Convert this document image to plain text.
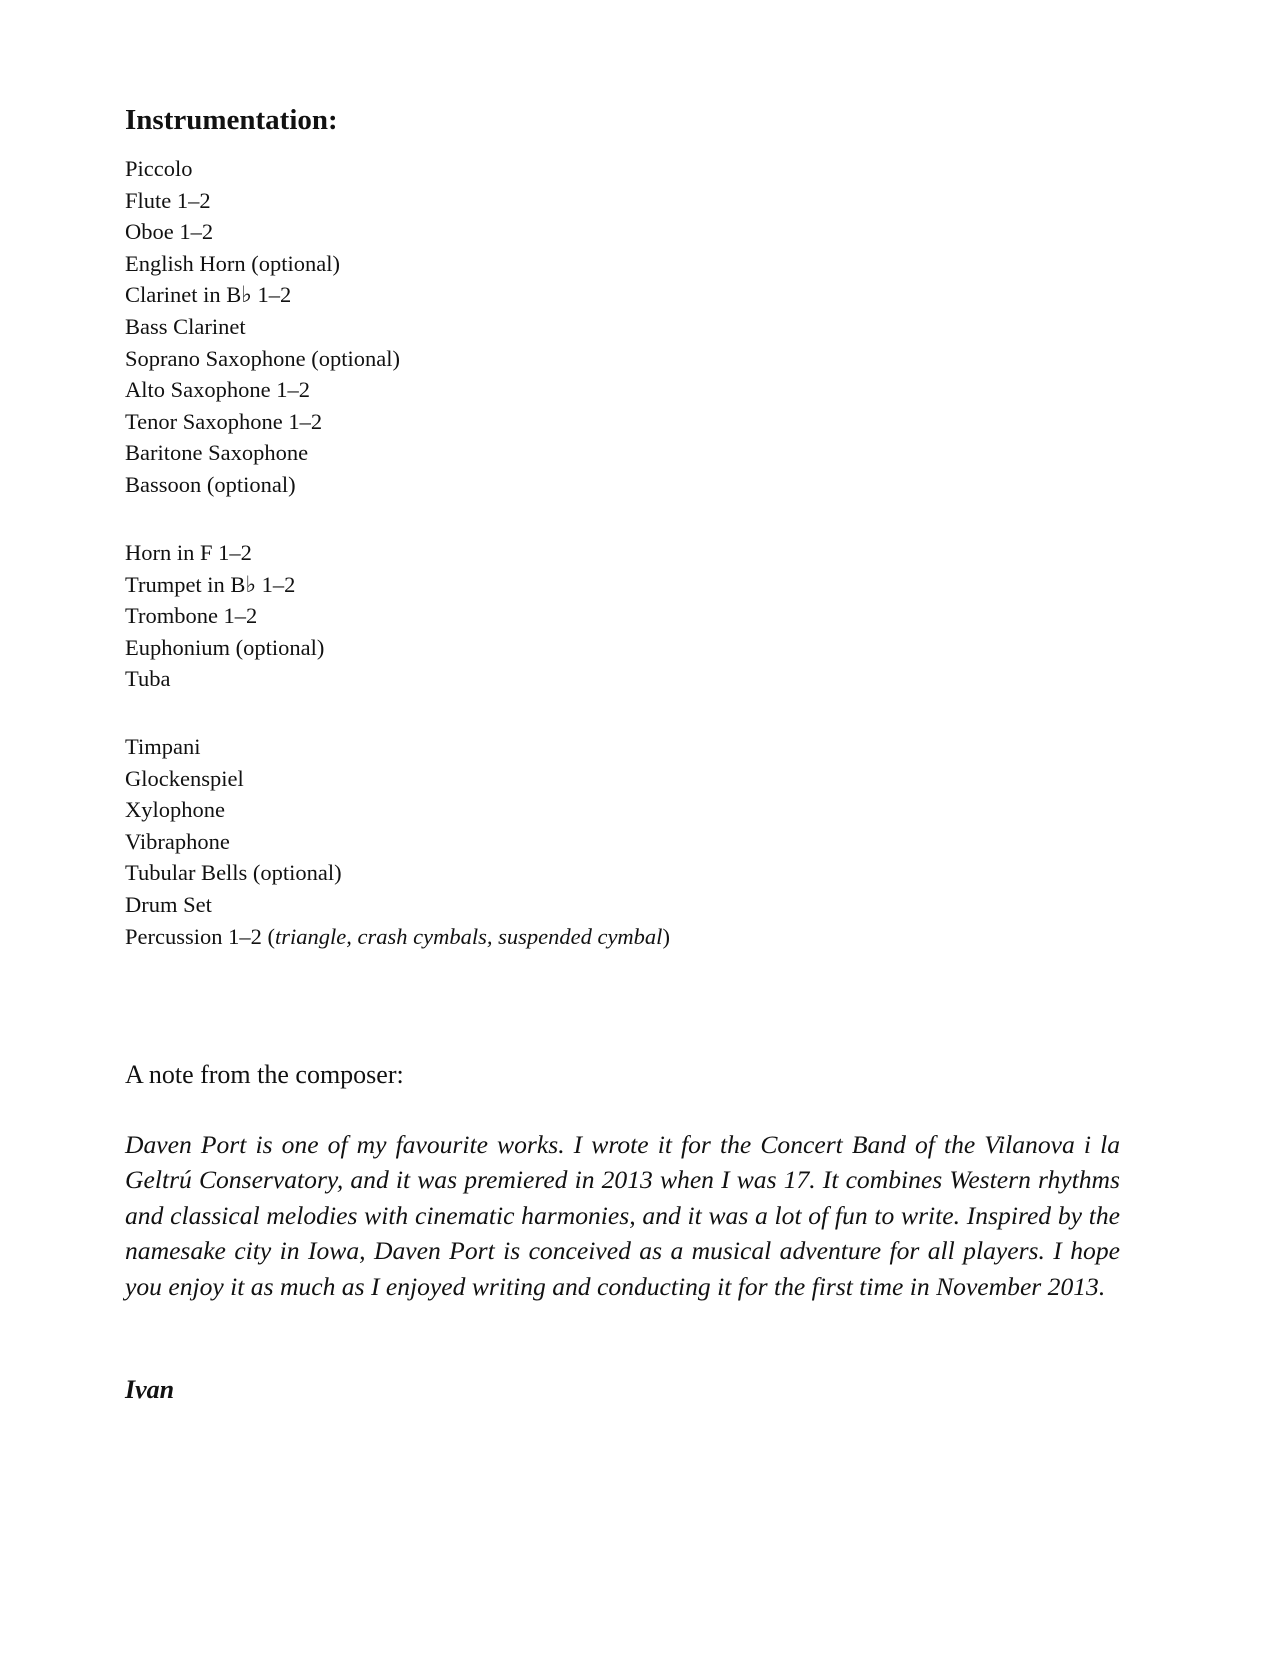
Instrumentation:
Piccolo
Flute 1–2
Oboe 1–2
English Horn (optional)
Clarinet in B♭ 1–2
Bass Clarinet
Soprano Saxophone (optional)
Alto Saxophone 1–2
Tenor Saxophone 1–2
Baritone Saxophone
Bassoon (optional)
Horn in F 1–2
Trumpet in B♭ 1–2
Trombone 1–2
Euphonium (optional)
Tuba
Timpani
Glockenspiel
Xylophone
Vibraphone
Tubular Bells (optional)
Drum Set
Percussion 1–2 (triangle, crash cymbals, suspended cymbal)
A note from the composer:

Daven Port is one of my favourite works. I wrote it for the Concert Band of the Vilanova i la Geltrú Conservatory, and it was premiered in 2013 when I was 17. It combines Western rhythms and classical melodies with cinematic harmonies, and it was a lot of fun to write. Inspired by the namesake city in Iowa, Daven Port is conceived as a musical adventure for all players. I hope you enjoy it as much as I enjoyed writing and conducting it for the first time in November 2013.

Ivan
